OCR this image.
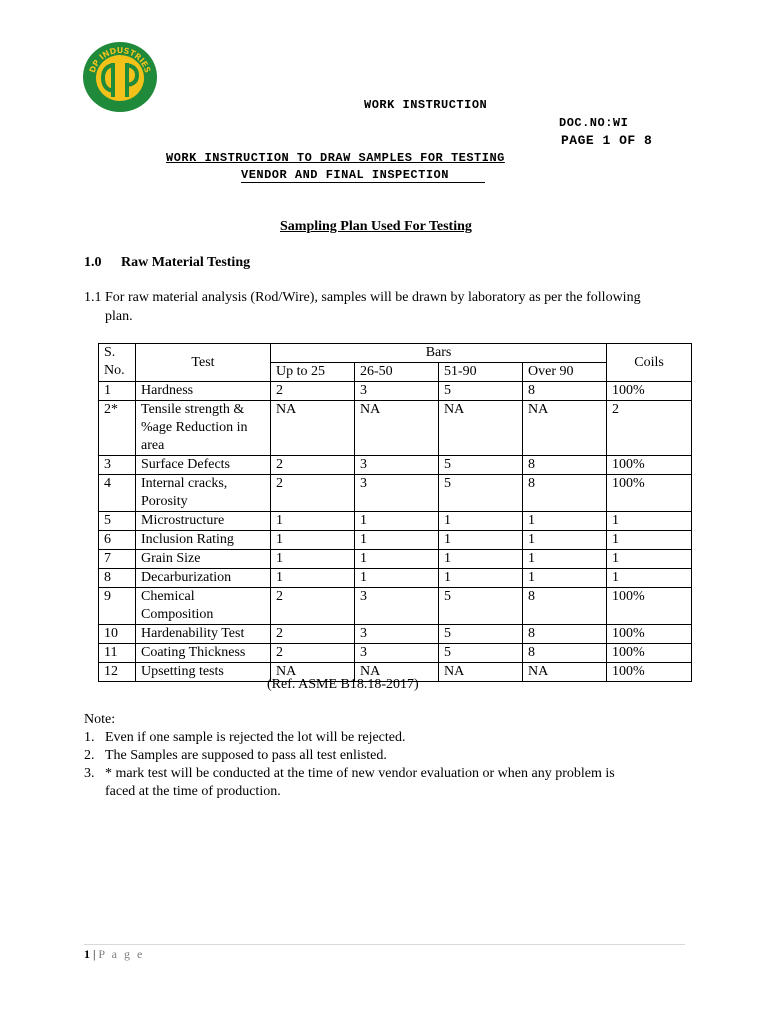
DP INDUSTRIES
WORK INSTRUCTION
DOC.NO:WI
PAGE 1 OF 8
WORK INSTRUCTION TO DRAW SAMPLES FOR TESTING
VENDOR AND FINAL INSPECTION
Sampling Plan Used For Testing
1.0 Raw Material Testing
1.1 For raw material analysis (Rod/Wire), samples will be drawn by laboratory as per the following
plan.
S.
No.	Test	Bars				Coils
		Up to 25	26-50	51-90	Over 90	
1	Hardness	2	3	5	8	100%
2*	Tensile strength &
%age Reduction in
area	NA	NA	NA	NA	2
3	Surface Defects	2	3	5	8	100%
4	Internal cracks,
Porosity	2	3	5	8	100%
5	Microstructure	1	1	1	1	1
6	Inclusion Rating	1	1	1	1	1
7	Grain Size	1	1	1	1	1
8	Decarburization	1	1	1	1	1
9	Chemical
Composition	2	3	5	8	100%
10	Hardenability Test	2	3	5	8	100%
11	Coating Thickness	2	3	5	8	100%
12	Upsetting tests	NA	NA	NA	NA	100%
(Ref. ASME B18.18-2017)
Note:
1. Even if one sample is rejected the lot will be rejected.
2. The Samples are supposed to pass all test enlisted.
3. * mark test will be conducted at the time of new vendor evaluation or when any problem is
faced at the time of production.
1 | P a g e
